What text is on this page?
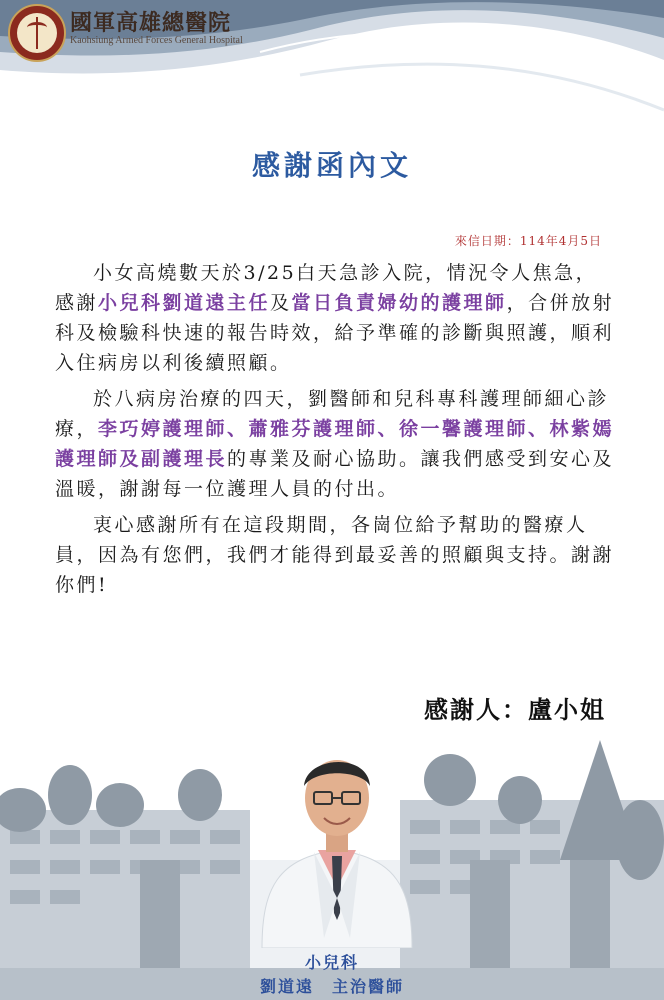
國軍高雄總醫院
Kaohsiung Armed Forces General Hospital
感謝函內文
來信日期：114年4月5日

小女高燒數天於3/25白天急診入院，情況令人焦急，感謝小兒科劉道遠主任及當日負責婦幼的護理師，合併放射科及檢驗科快速的報告時效，給予準確的診斷與照護，順利入住病房以利後續照顧。

於八病房治療的四天，劉醫師和兒科專科護理師細心診療，李巧婷護理師、蕭雅芬護理師、徐一馨護理師、林紫嫣護理師及副護理長的專業及耐心協助。讓我們感受到安心及溫暖，謝謝每一位護理人員的付出。

衷心感謝所有在這段期間，各崗位給予幫助的醫療人員，因為有您們，我們才能得到最妥善的照顧與支持。謝謝你們!

感謝人：盧小姐
小兒科
劉道遠　主治醫師
